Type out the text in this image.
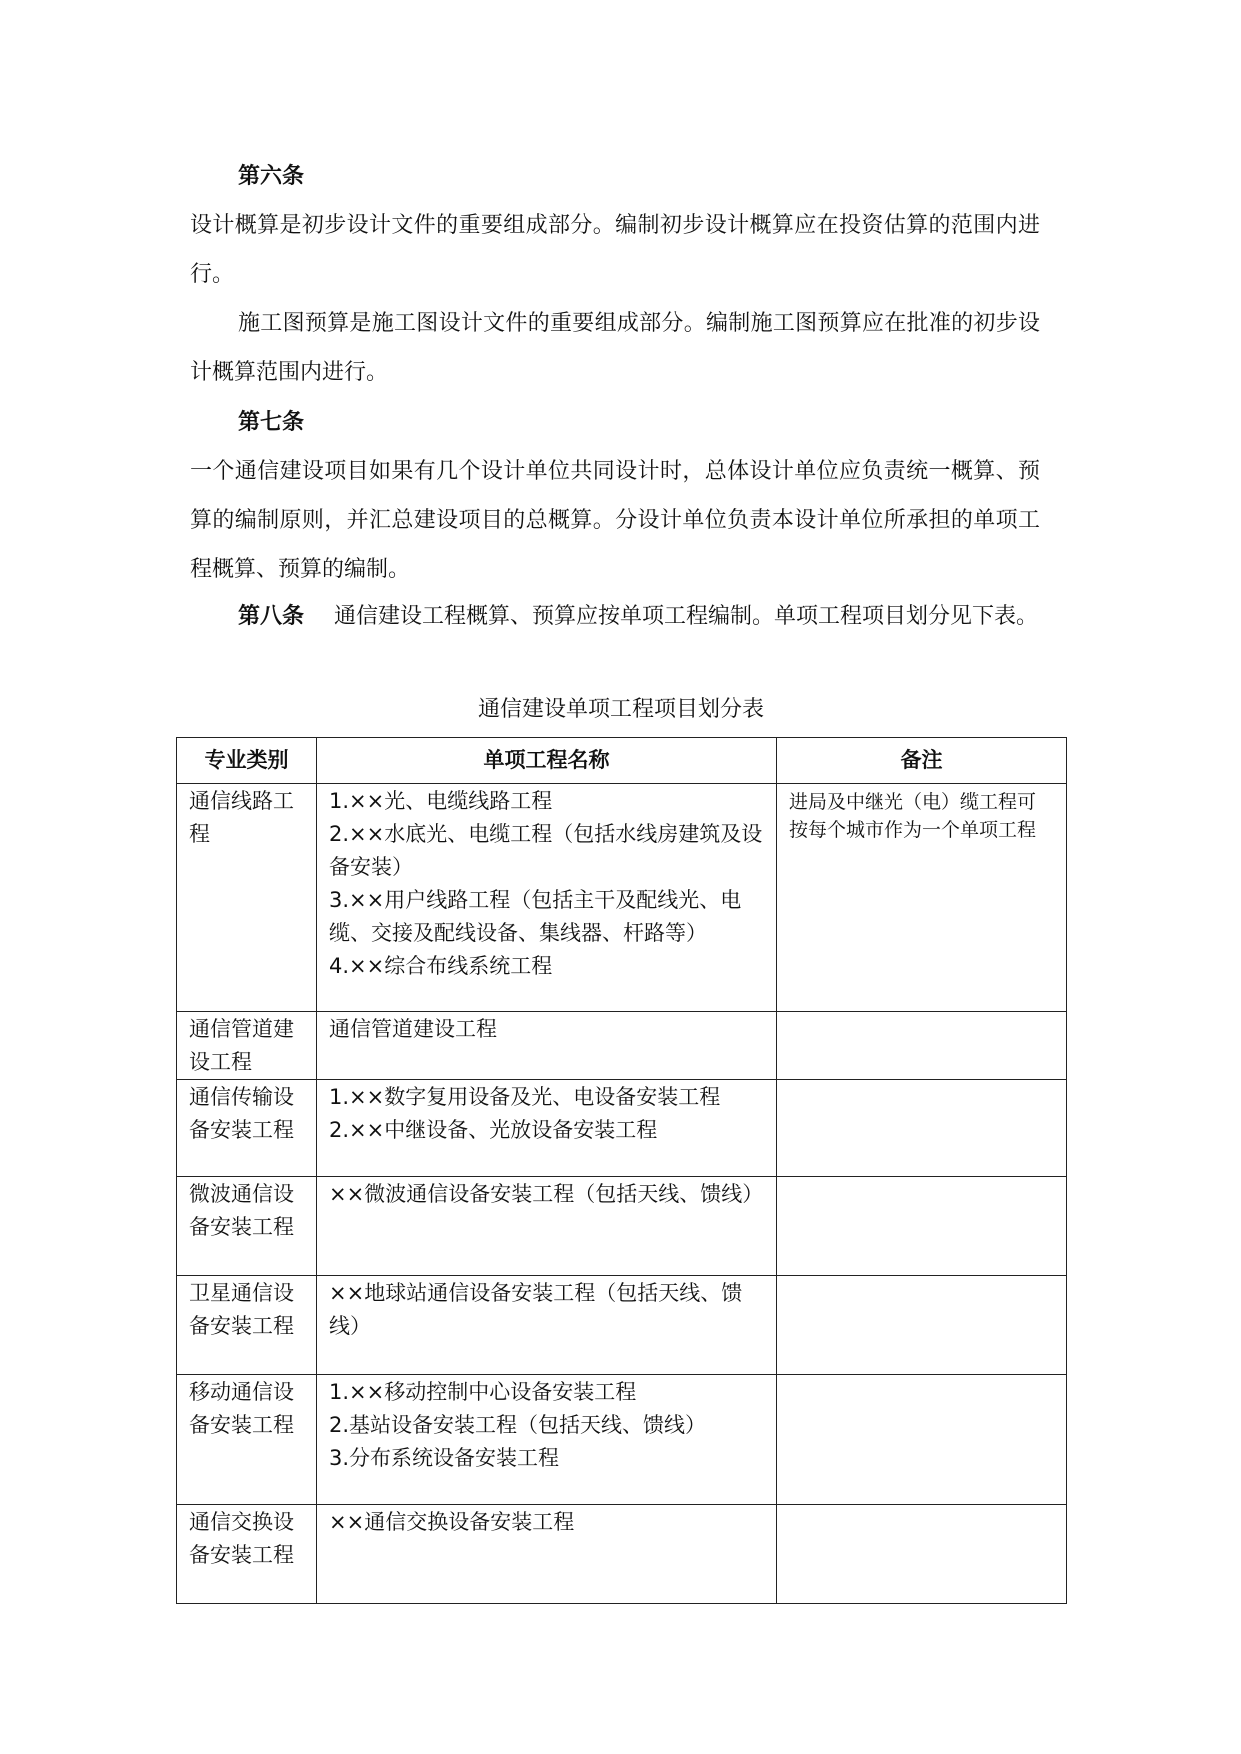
第六条
设计概算是初步设计文件的重要组成部分。编制初步设计概算应在投资估算的范围内进行。
施工图预算是施工图设计文件的重要组成部分。编制施工图预算应在批准的初步设计概算范围内进行。
第七条
一个通信建设项目如果有几个设计单位共同设计时，总体设计单位应负责统一概算、预算的编制原则，并汇总建设项目的总概算。分设计单位负责本设计单位所承担的单项工程概算、预算的编制。
第八条 通信建设工程概算、预算应按单项工程编制。单项工程项目划分见下表。
通信建设单项工程项目划分表
专业类别	单项工程名称	备注
通信线路工程	1.××光、电缆线路工程
2.××水底光、电缆工程（包括水线房建筑及设备安装）
3.××用户线路工程（包括主干及配线光、电缆、交接及配线设备、集线器、杆路等）
4.××综合布线系统工程	进局及中继光（电）缆工程可按每个城市作为一个单项工程
通信管道建设工程	通信管道建设工程	

通信传输设备安装工程	1.××数字复用设备及光、电设备安装工程
2.××中继设备、光放设备安装工程	

微波通信设备安装工程	××微波通信设备安装工程（包括天线、馈线）	

卫星通信设备安装工程	××地球站通信设备安装工程（包括天线、馈线）	

移动通信设备安装工程	1.××移动控制中心设备安装工程
2.基站设备安装工程（包括天线、馈线）
3.分布系统设备安装工程	

通信交换设备安装工程	××通信交换设备安装工程	
